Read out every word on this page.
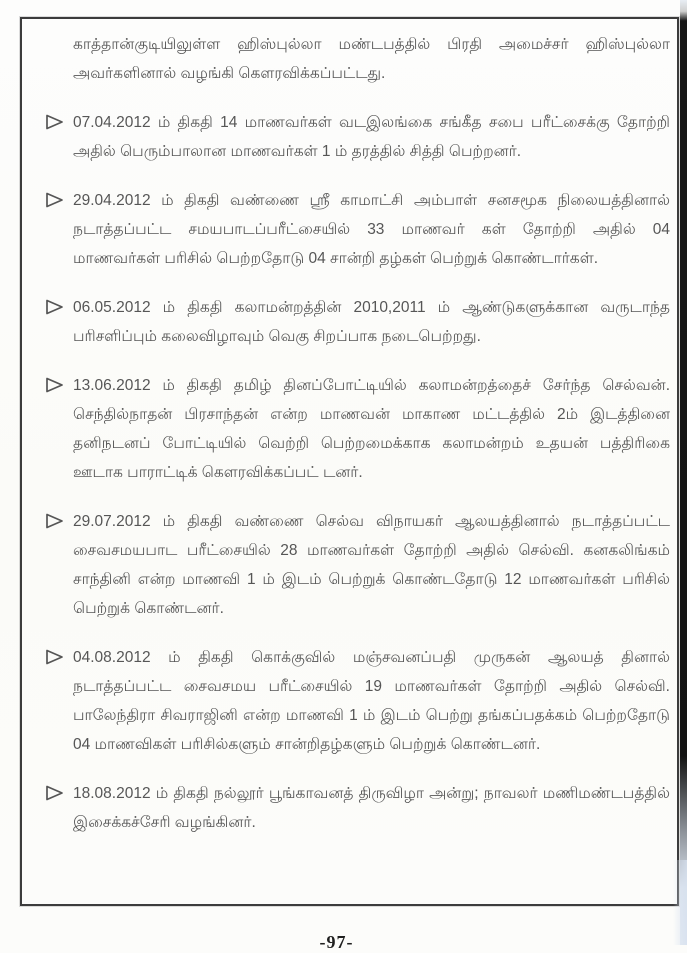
காத்தான்குடியிலுள்ள ஹிஸ்புல்லா மண்டபத்தில் பிரதி அமைச்சர் ஹிஸ்புல்லா அவர்களினால் வழங்கி கௌரவிக்கப்பட்டது.

07.04.2012 ம் திகதி 14 மாணவர்கள் வடஇலங்கை சங்கீத சபை பரீட்சைக்கு தோற்றி அதில் பெரும்பாலான மாணவர்கள் 1 ம் தரத்தில் சித்தி பெற்றனர்.
29.04.2012 ம் திகதி வண்ணை ஸ்ரீ காமாட்சி அம்பாள் சனசமூக நிலையத்தினால் நடாத்தப்பட்ட சமயபாடப்பரீட்சையில் 33 மாணவர் கள் தோற்றி அதில் 04 மாணவர்கள் பரிசில் பெற்றதோடு 04 சான்றி தழ்கள் பெற்றுக் கொண்டார்கள்.
06.05.2012 ம் திகதி கலாமன்றத்தின் 2010,2011 ம் ஆண்டுகளுக்கான வருடாந்த பரிசளிப்பும் கலைவிழாவும் வெகு சிறப்பாக நடைபெற்றது.
13.06.2012 ம் திகதி தமிழ் தினப்போட்டியில் கலாமன்றத்தைச் சேர்ந்த செல்வன். செந்தில்நாதன் பிரசாந்தன் என்ற மாணவன் மாகாண மட்டத்தில் 2ம் இடத்தினை தனிநடனப் போட்டியில் வெற்றி பெற்றமைக்காக கலாமன்றம் உதயன் பத்திரிகை ஊடாக பாராட்டிக் கௌரவிக்கப்பட் டனர்.
29.07.2012 ம் திகதி வண்ணை செல்வ விநாயகர் ஆலயத்தினால் நடாத்தப்பட்ட சைவசமயபாட பரீட்சையில் 28 மாணவர்கள் தோற்றி அதில் செல்வி. கனகலிங்கம் சாந்தினி என்ற மாணவி 1 ம் இடம் பெற்றுக் கொண்டதோடு 12 மாணவர்கள் பரிசில் பெற்றுக் கொண்டனர்.
04.08.2012 ம் திகதி கொக்குவில் மஞ்சவனப்பதி முருகன் ஆலயத் தினால் நடாத்தப்பட்ட சைவசமய பரீட்சையில் 19 மாணவர்கள் தோற்றி அதில் செல்வி. பாலேந்திரா சிவராஜினி என்ற மாணவி 1 ம் இடம் பெற்று தங்கப்பதக்கம் பெற்றதோடு 04 மாணவிகள் பரிசில்களும் சான்றிதழ்களும் பெற்றுக் கொண்டனர்.
18.08.2012 ம் திகதி நல்லூர் பூங்காவனத் திருவிழா அன்று; நாவலர் மணிமண்டபத்தில் இசைக்கச்சேரி வழங்கினர்.
-97-
